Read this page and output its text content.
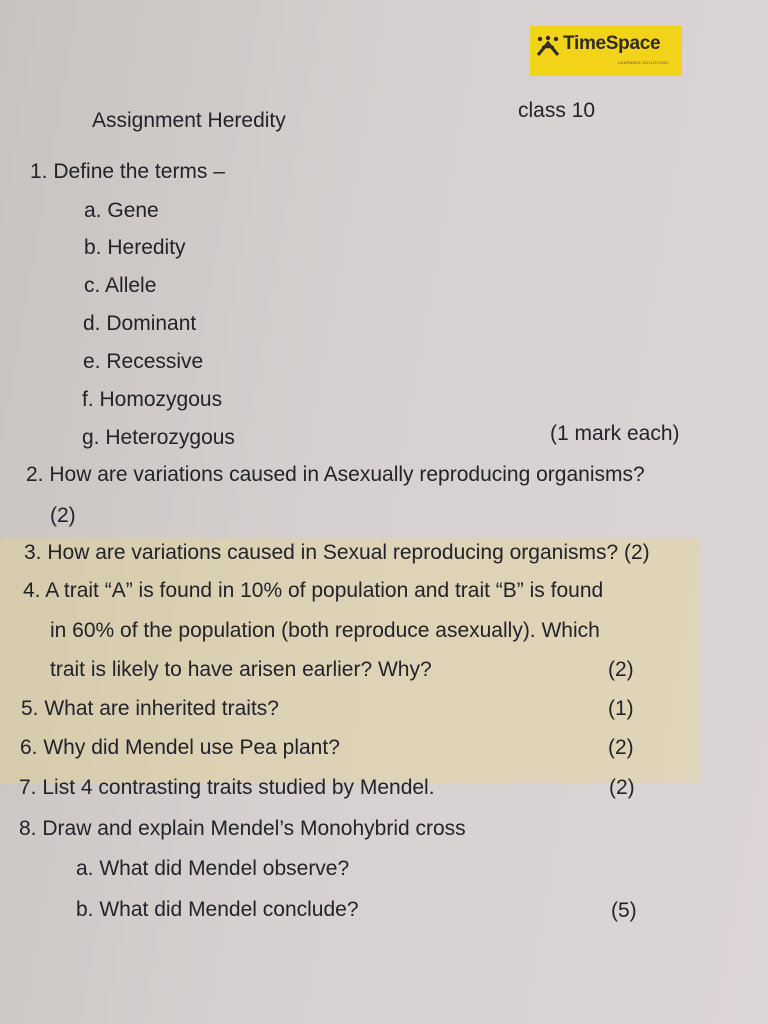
TimeSpace
LEARNING SOLUTIONS
Assignment Heredity	class 10
1. Define the terms –
a. Gene
b. Heredity
c. Allele
d. Dominant
e. Recessive
f. Homozygous
g. Heterozygous	(1 mark each)
2. How are variations caused in Asexually reproducing organisms?
(2)
3. How are variations caused in Sexual reproducing organisms? (2)
4. A trait “A” is found in 10% of population and trait “B” is found
in 60% of the population (both reproduce asexually). Which
trait is likely to have arisen earlier? Why?	(2)
5. What are inherited traits?	(1)
6. Why did Mendel use Pea plant?	(2)
7. List 4 contrasting traits studied by Mendel.	(2)
8. Draw and explain Mendel’s Monohybrid cross
a. What did Mendel observe?
b. What did Mendel conclude?	(5)
